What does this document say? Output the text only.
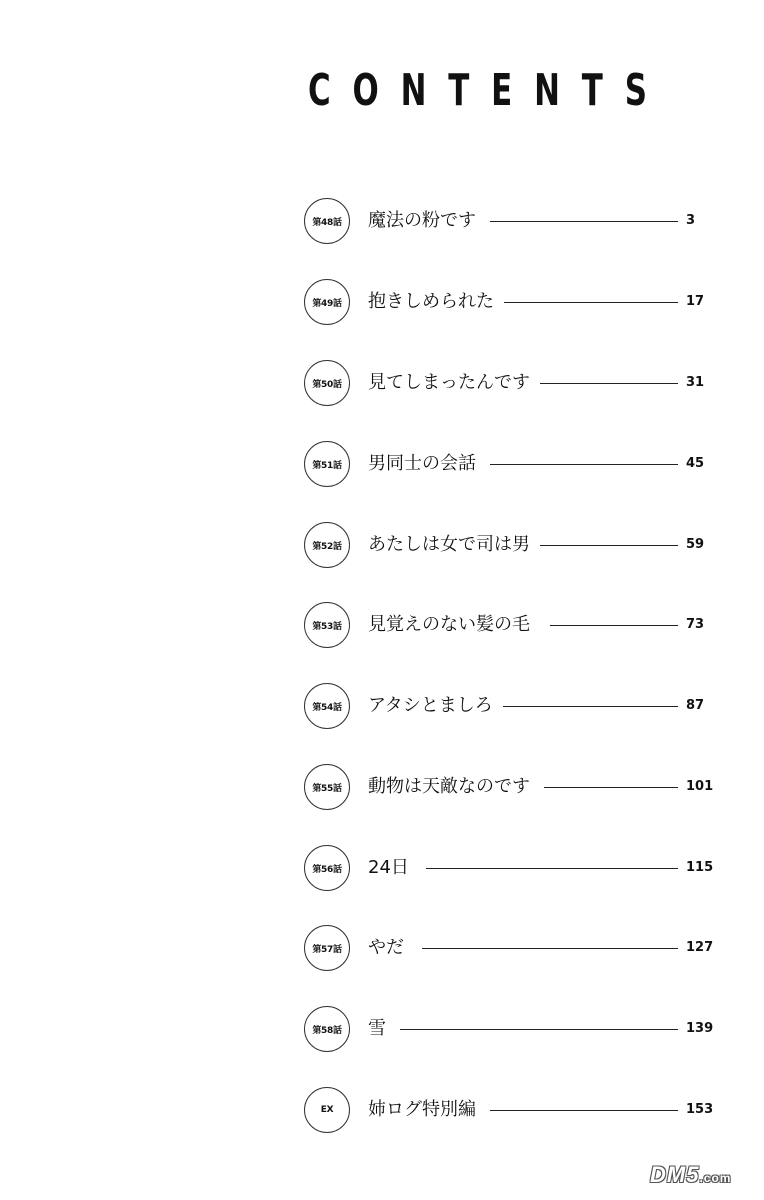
CONTENTS
第48話	魔法の粉です	3
第49話	抱きしめられた	17
第50話	見てしまったんです	31
第51話	男同士の会話	45
第52話	あたしは女で司は男	59
第53話	見覚えのない髪の毛	73
第54話	アタシとましろ	87
第55話	動物は天敵なのです	101
第56話	24日	115
第57話	やだ	127
第58話	雪	139
EX	姉ログ特別編	153
DM5.com
